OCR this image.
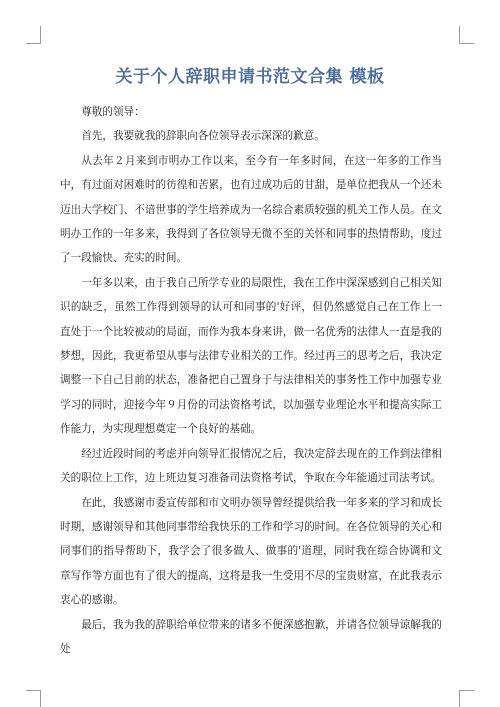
关于个人辞职申请书范文合集 模板

尊敬的领导：

首先，我要就我的辞职向各位领导表示深深的歉意。

从去年２月来到市明办工作以来，至今有一年多时间，在这一年多的工作当中，有过面对困难时的彷徨和苦累，也有过成功后的甘甜，是单位把我从一个还未迈出大学校门、不谙世事的学生培养成为一名综合素质较强的机关工作人员。在文明办工作的一年多来，我得到了各位领导无微不至的关怀和同事的热情帮助，度过了一段愉快、充实的时间。

一年多以来，由于我自己所学专业的局限性，我在工作中深深感到自己相关知识的缺乏，虽然工作得到领导的认可和同事的'好评，但仍然感觉自己在工作上一直处于一个比较被动的局面，而作为我本身来讲，做一名优秀的法律人一直是我的梦想，因此，我更希望从事与法律专业相关的工作。经过再三的思考之后，我决定调整一下自己目前的状态，准备把自己置身于与法律相关的事务性工作中加强专业学习的同时，迎接今年９月份的司法资格考试，以加强专业理论水平和提高实际工作能力，为实现理想奠定一个良好的基础。

经过近段时间的考虑并向领导汇报情况之后，我决定辞去现在的工作到法律相关的职位上工作，边上班边复习准备司法资格考试，争取在今年能通过司法考试。

在此，我感谢市委宣传部和市文明办领导曾经提供给我一年多来的学习和成长时期，感谢领导和其他同事带给我快乐的工作和学习的时间。在各位领导的关心和同事们的指导帮助下，我学会了很多做人、做事的'道理，同时我在综合协调和文章写作等方面也有了很大的提高，这将是我一生受用不尽的宝贵财富，在此我表示衷心的感谢。

最后，我为我的辞职给单位带来的诸多不便深感抱歉，并请各位领导谅解我的处
